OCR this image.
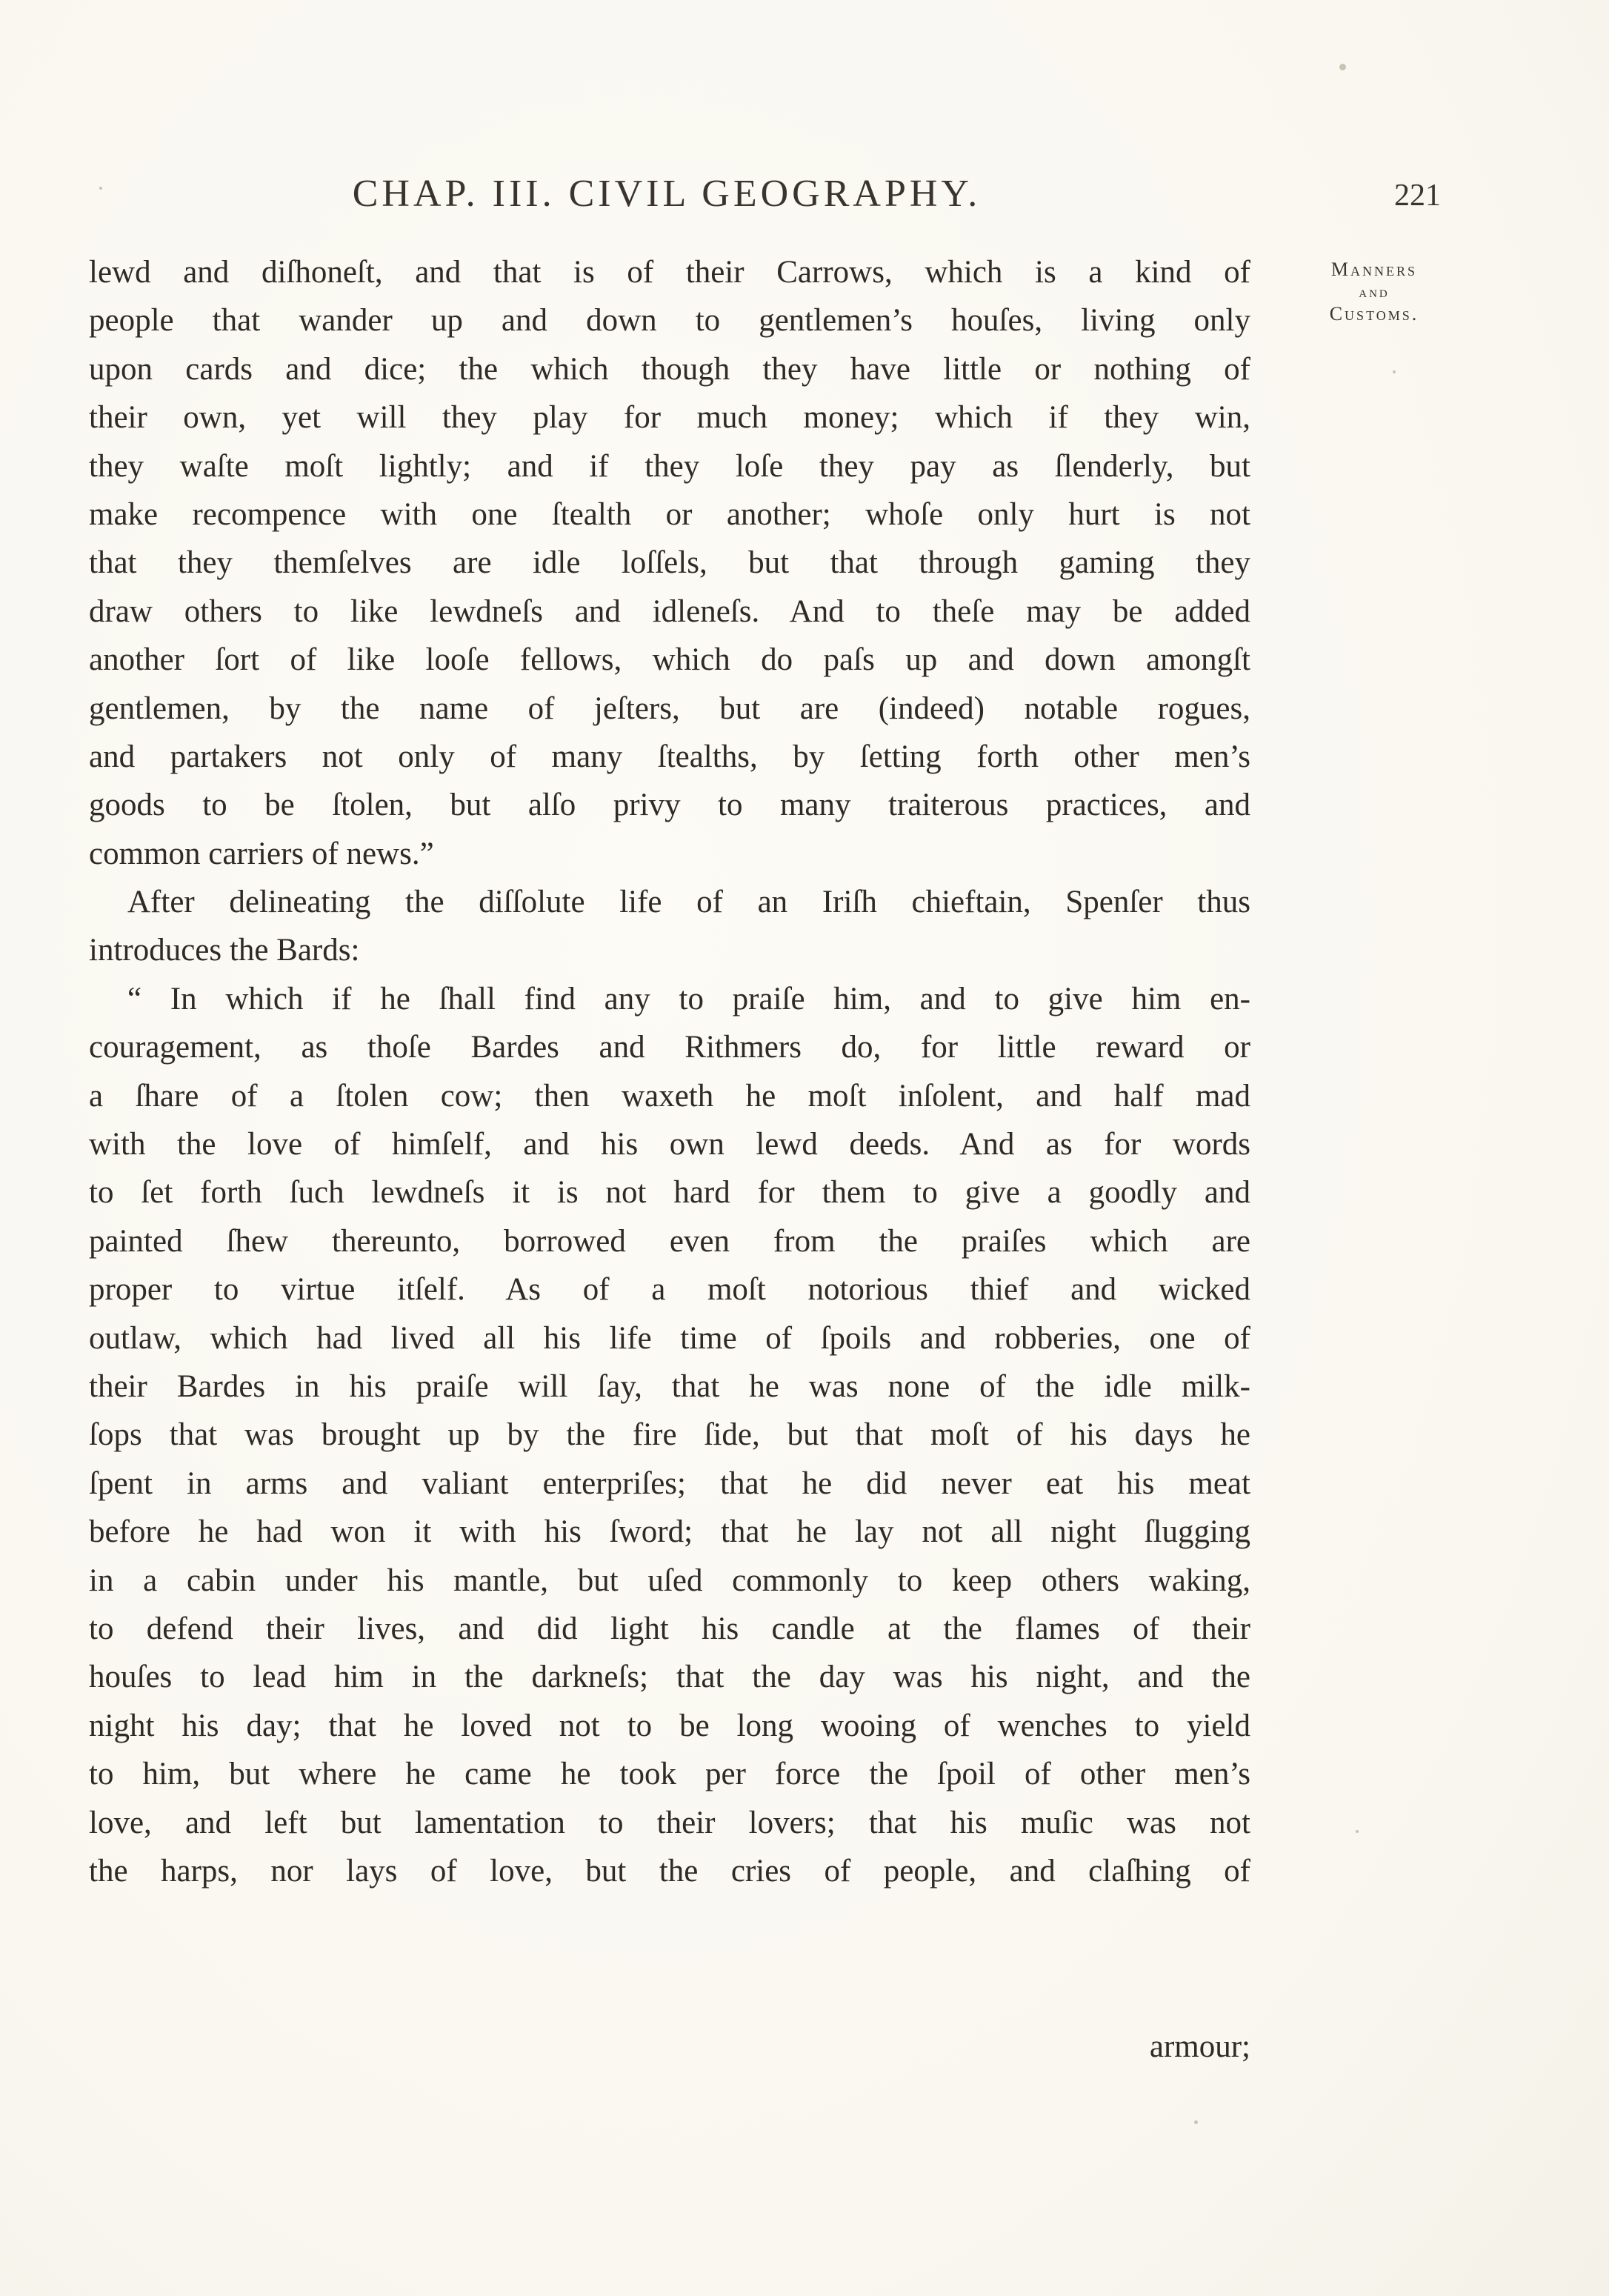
CHAP. III. CIVIL GEOGRAPHY.	221
Manners
and
Customs.
lewd and diſhoneſt, and that is of their Carrows, which is a kind of
people that wander up and down to gentlemen’s houſes, living only
upon cards and dice; the which though they have little or nothing of
their own, yet will they play for much money; which if they win,
they waſte moſt lightly; and if they loſe they pay as ſlenderly, but
make recompence with one ſtealth or another; whoſe only hurt is not
that they themſelves are idle loſſels, but that through gaming they
draw others to like lewdneſs and idleneſs. And to theſe may be added
another ſort of like looſe fellows, which do paſs up and down amongſt
gentlemen, by the name of jeſters, but are (indeed) notable rogues,
and partakers not only of many ſtealths, by ſetting forth other men’s
goods to be ſtolen, but alſo privy to many traiterous practices, and
common carriers of news.”
After delineating the diſſolute life of an Iriſh chieftain, Spenſer thus
introduces the Bards:
“ In which if he ſhall find any to praiſe him, and to give him en-
couragement, as thoſe Bardes and Rithmers do, for little reward or
a ſhare of a ſtolen cow; then waxeth he moſt inſolent, and half mad
with the love of himſelf, and his own lewd deeds. And as for words
to ſet forth ſuch lewdneſs it is not hard for them to give a goodly and
painted ſhew thereunto, borrowed even from the praiſes which are
proper to virtue itſelf. As of a moſt notorious thief and wicked
outlaw, which had lived all his life time of ſpoils and robberies, one of
their Bardes in his praiſe will ſay, that he was none of the idle milk-
ſops that was brought up by the fire ſide, but that moſt of his days he
ſpent in arms and valiant enterpriſes; that he did never eat his meat
before he had won it with his ſword; that he lay not all night ſlugging
in a cabin under his mantle, but uſed commonly to keep others waking,
to defend their lives, and did light his candle at the flames of their
houſes to lead him in the darkneſs; that the day was his night, and the
night his day; that he loved not to be long wooing of wenches to yield
to him, but where he came he took per force the ſpoil of other men’s
love, and left but lamentation to their lovers; that his muſic was not
the harps, nor lays of love, but the cries of people, and claſhing of
armour;
